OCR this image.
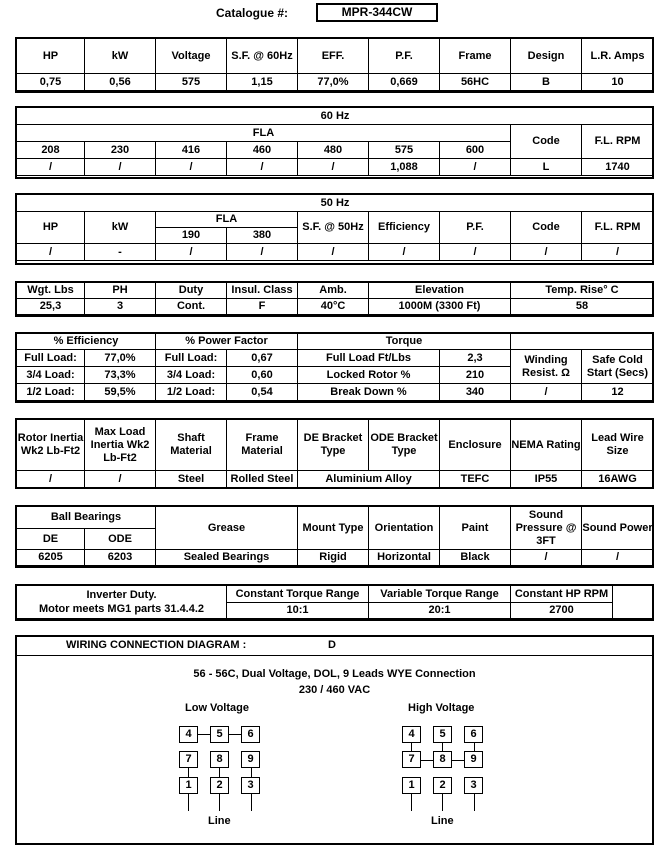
Catalogue #:	MPR-344CW
HP	kW	Voltage	S.F. @ 60Hz	EFF.	P.F.	Frame	Design	L.R. Amps
0,75	0,56	575	1,15	77,0%	0,669	56HC	B	10
60 Hz								
FLA							Code	F.L. RPM
208	230	416	460	480	575	600		
/	/	/	/	/	1,088	/	L	1740
50 Hz								
HP	kW	FLA		S.F. @ 50Hz	Efficiency	P.F.	Code	F.L. RPM
		190	380					
/	-	/	/	/	/	/	/	/
Wgt. Lbs	PH	Duty	Insul. Class	Amb.	Elevation	Temp. Rise° C
25,3	3	Cont.	F	40°C	1000M (3300 Ft)	58
% Efficiency		% Power Factor		Torque			
Full Load:	77,0%	Full Load:	0,67	Full Load Ft/Lbs	2,3	Winding Resist. Ω	Safe Cold Start (Secs)
3/4 Load:	73,3%	3/4 Load:	0,60	Locked Rotor %	210		
1/2 Load:	59,5%	1/2 Load:	0,54	Break Down %	340	/	12
Rotor Inertia Wk2 Lb-Ft2	Max Load Inertia Wk2 Lb-Ft2	Shaft Material	Frame Material	DE Bracket Type	ODE Bracket Type	Enclosure	NEMA Rating	Lead Wire Size
/	/	Steel	Rolled Steel	Aluminium Alloy		TEFC	IP55	16AWG
Ball Bearings		Grease	Mount Type	Orientation	Paint	Sound Pressure @ 3FT	Sound Power
DE	ODE						
6205	6203	Sealed Bearings	Rigid	Horizontal	Black	/	/
Inverter Duty.
Motor meets MG1 parts 31.4.4.2	Constant Torque Range	Variable Torque Range	Constant HP RPM	
	10:1	20:1	2700	
WIRING CONNECTION DIAGRAM :	D
56 - 56C, Dual Voltage, DOL, 9 Leads WYE Connection
230 / 460 VAC
Low Voltage
4	5	6
7	8	9
1	2	3
Line
High Voltage
4	5	6
7	8	9
1	2	3
Line
